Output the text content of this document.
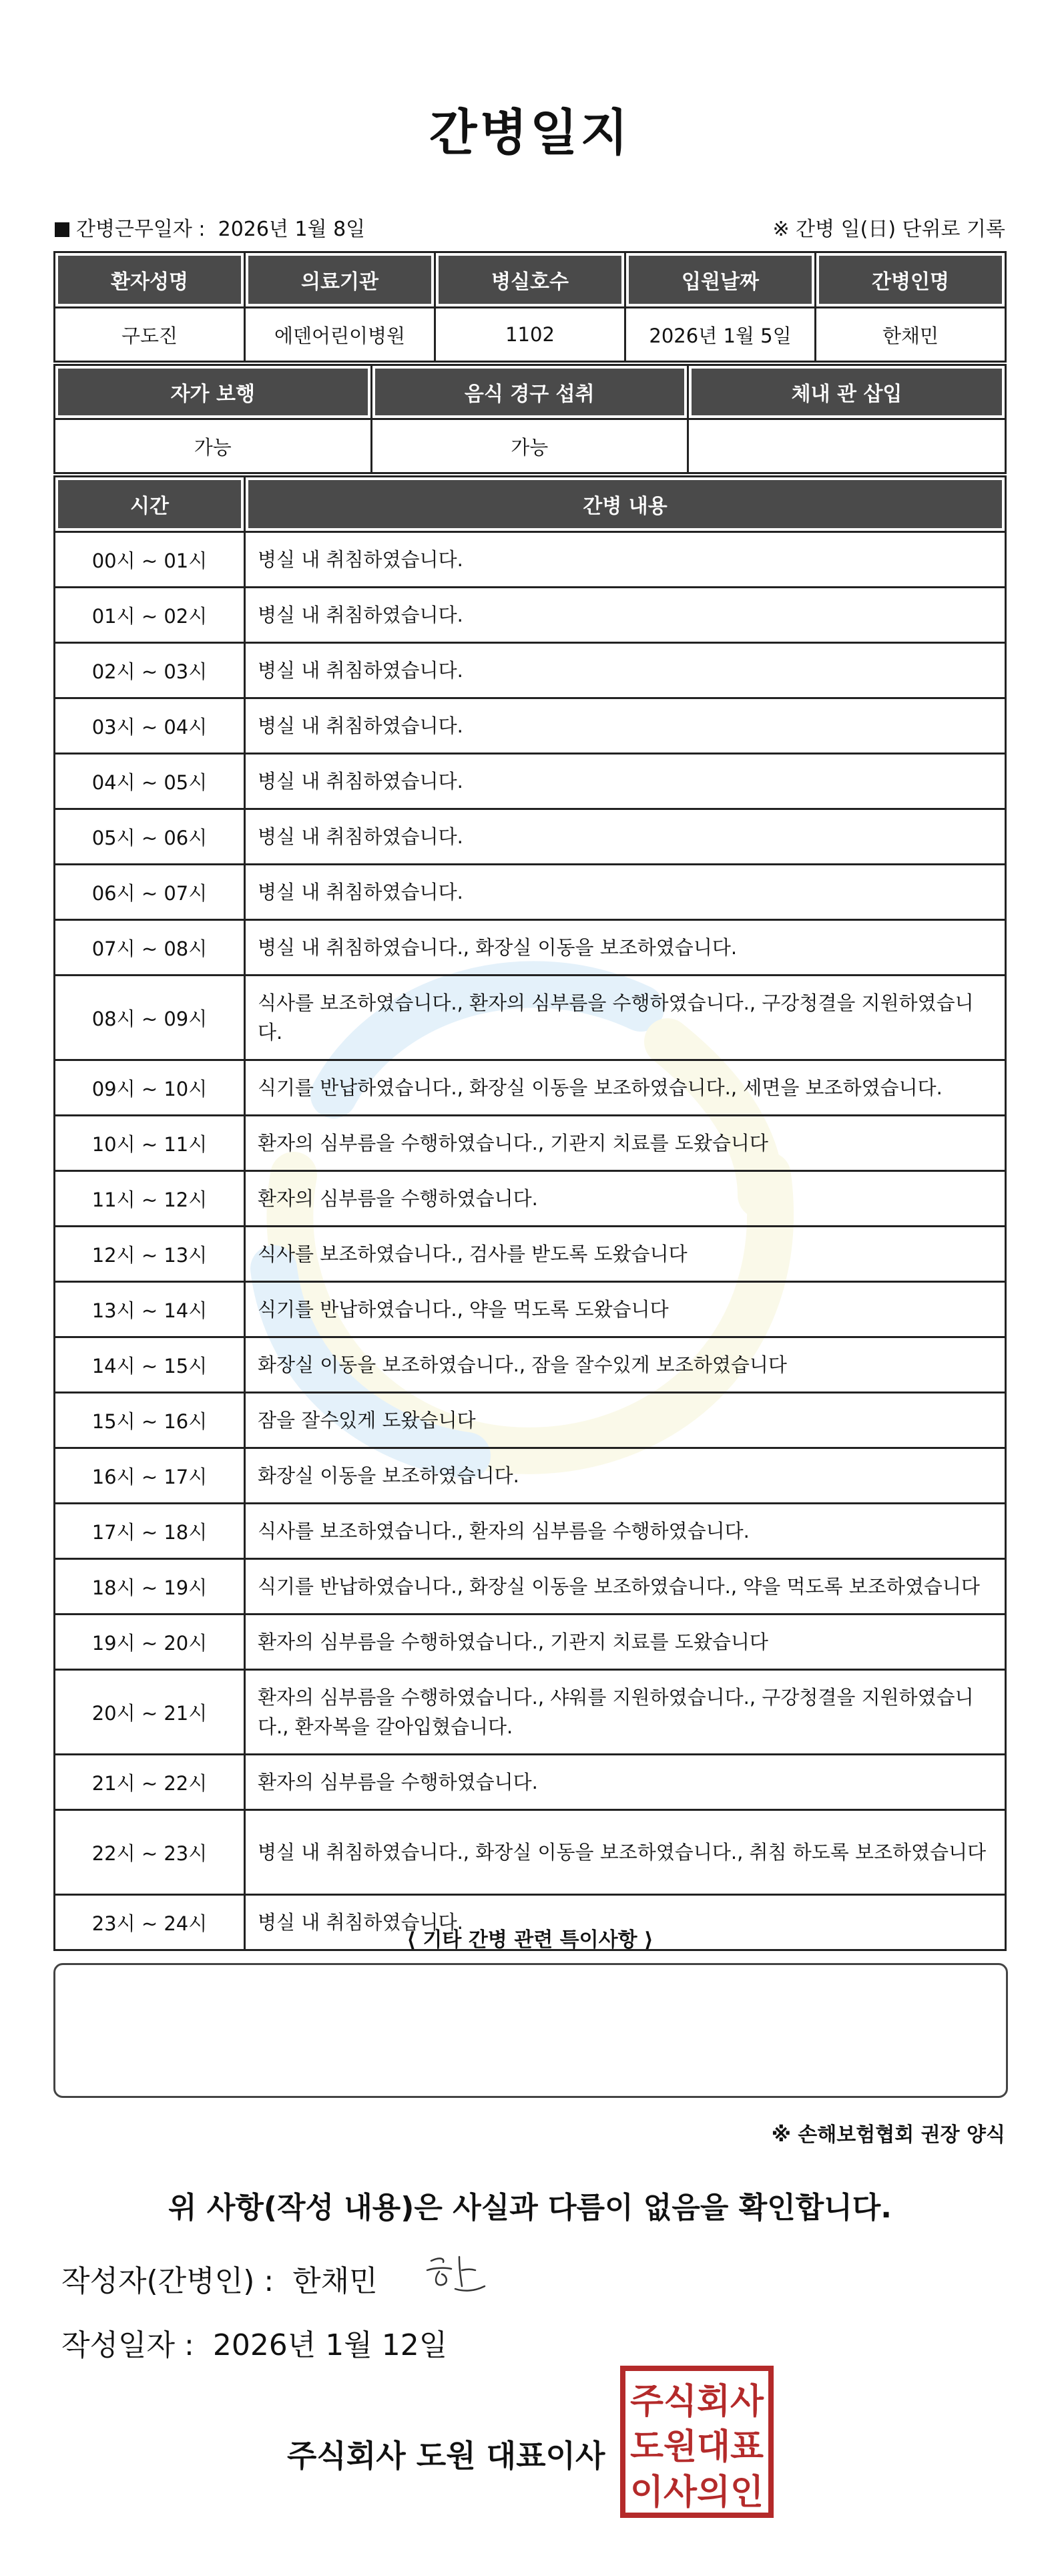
간병일지
간병근무일자 :  2026년 1월 8일	※ 간병 일(日) 단위로 기록
환자성명	의료기관	병실호수	입원날짜	간병인명
구도진	에덴어린이병원	1102	2026년 1월 5일	한채민
자가 보행	음식 경구 섭취	체내 관 삽입
가능	가능	
시간	간병 내용
00시 ~ 01시	병실 내 취침하였습니다.
01시 ~ 02시	병실 내 취침하였습니다.
02시 ~ 03시	병실 내 취침하였습니다.
03시 ~ 04시	병실 내 취침하였습니다.
04시 ~ 05시	병실 내 취침하였습니다.
05시 ~ 06시	병실 내 취침하였습니다.
06시 ~ 07시	병실 내 취침하였습니다.
07시 ~ 08시	병실 내 취침하였습니다., 화장실 이동을 보조하였습니다.
08시 ~ 09시	식사를 보조하였습니다., 환자의 심부름을 수행하였습니다., 구강청결을 지원하였습니다.
09시 ~ 10시	식기를 반납하였습니다., 화장실 이동을 보조하였습니다., 세면을 보조하였습니다.
10시 ~ 11시	환자의 심부름을 수행하였습니다., 기관지 치료를 도왔습니다
11시 ~ 12시	환자의 심부름을 수행하였습니다.
12시 ~ 13시	식사를 보조하였습니다., 검사를 받도록 도왔습니다
13시 ~ 14시	식기를 반납하였습니다., 약을 먹도록 도왔습니다
14시 ~ 15시	화장실 이동을 보조하였습니다., 잠을 잘수있게 보조하였습니다
15시 ~ 16시	잠을 잘수있게 도왔습니다
16시 ~ 17시	화장실 이동을 보조하였습니다.
17시 ~ 18시	식사를 보조하였습니다., 환자의 심부름을 수행하였습니다.
18시 ~ 19시	식기를 반납하였습니다., 화장실 이동을 보조하였습니다., 약을 먹도록 보조하였습니다
19시 ~ 20시	환자의 심부름을 수행하였습니다., 기관지 치료를 도왔습니다
20시 ~ 21시	환자의 심부름을 수행하였습니다., 샤워를 지원하였습니다., 구강청결을 지원하였습니다., 환자복을 갈아입혔습니다.
21시 ~ 22시	환자의 심부름을 수행하였습니다.
22시 ~ 23시	병실 내 취침하였습니다., 화장실 이동을 보조하였습니다., 취침 하도록 보조하였습니다
23시 ~ 24시	병실 내 취침하였습니다.
⟨ 기타 간병 관련 특이사항 ⟩
※ 손해보험협회 권장 양식
위 사항(작성 내용)은 사실과 다름이 없음을 확인합니다.
작성자(간병인) : 한채민
작성일자 : 2026년 1월 12일
주식회사 도원 대표이사
주식회사
도원대표
이사의인
